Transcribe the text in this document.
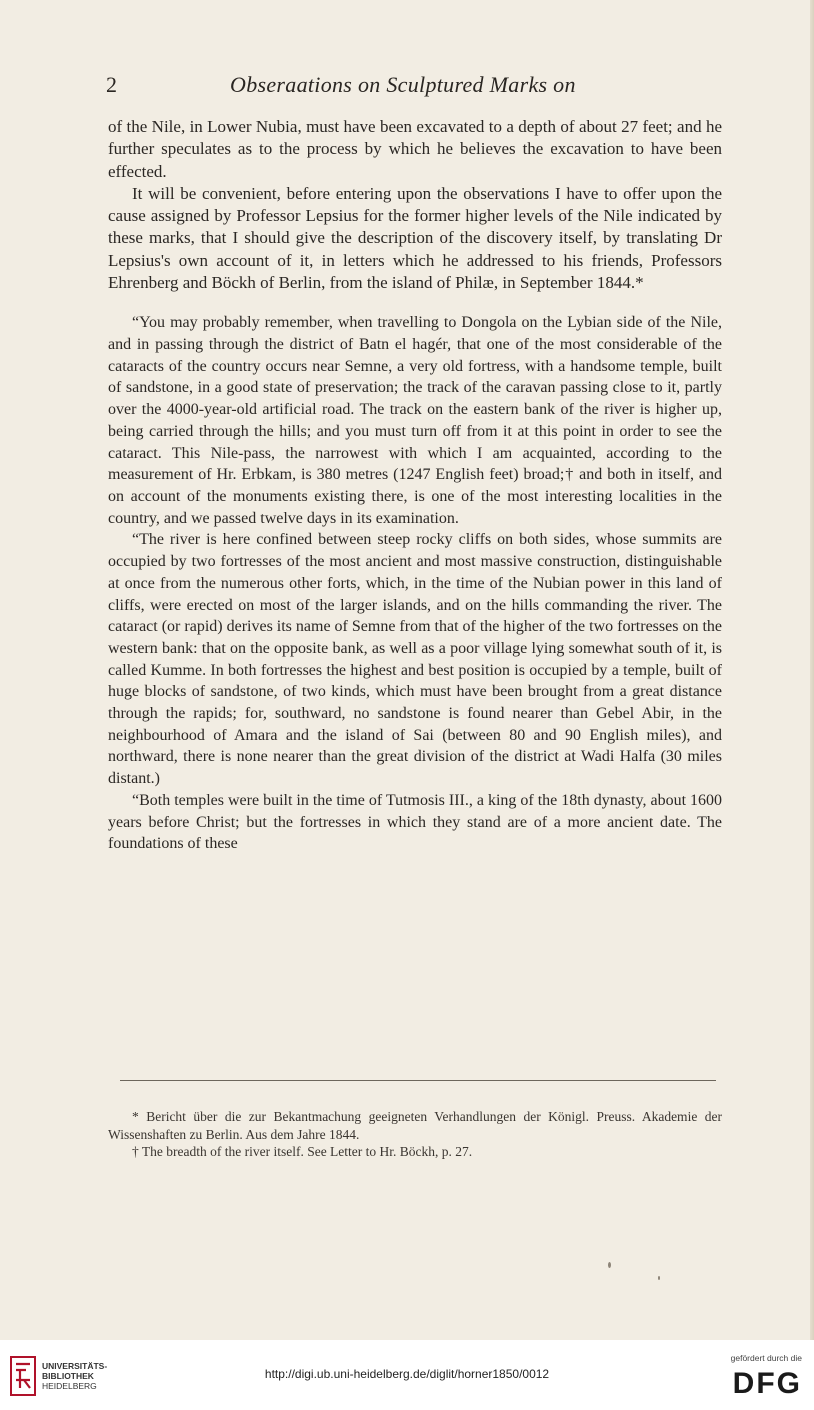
2	Obseraations on Sculptured Marks on

of the Nile, in Lower Nubia, must have been excavated to a depth of about 27 feet; and he further speculates as to the process by which he believes the excavation to have been effected.

It will be convenient, before entering upon the observations I have to offer upon the cause assigned by Professor Lepsius for the former higher levels of the Nile indicated by these marks, that I should give the description of the discovery itself, by translating Dr Lepsius's own account of it, in letters which he addressed to his friends, Professors Ehrenberg and Böckh of Berlin, from the island of Philæ, in September 1844.*

“You may probably remember, when travelling to Dongola on the Lybian side of the Nile, and in passing through the district of Batn el hagér, that one of the most considerable of the cataracts of the country occurs near Semne, a very old fortress, with a handsome temple, built of sandstone, in a good state of preservation; the track of the caravan passing close to it, partly over the 4000-year-old artificial road. The track on the eastern bank of the river is higher up, being carried through the hills; and you must turn off from it at this point in order to see the cataract. This Nile-pass, the narrowest with which I am acquainted, according to the measurement of Hr. Erbkam, is 380 metres (1247 English feet) broad;† and both in itself, and on account of the monuments existing there, is one of the most interesting localities in the country, and we passed twelve days in its examination.

“The river is here confined between steep rocky cliffs on both sides, whose summits are occupied by two fortresses of the most ancient and most massive construction, distinguishable at once from the numerous other forts, which, in the time of the Nubian power in this land of cliffs, were erected on most of the larger islands, and on the hills commanding the river. The cataract (or rapid) derives its name of Semne from that of the higher of the two fortresses on the western bank: that on the opposite bank, as well as a poor village lying somewhat south of it, is called Kumme. In both fortresses the highest and best position is occupied by a temple, built of huge blocks of sandstone, of two kinds, which must have been brought from a great distance through the rapids; for, southward, no sandstone is found nearer than Gebel Abir, in the neighbourhood of Amara and the island of Sai (between 80 and 90 English miles), and northward, there is none nearer than the great division of the district at Wadi Halfa (30 miles distant.)

“Both temples were built in the time of Tutmosis III., a king of the 18th dynasty, about 1600 years before Christ; but the fortresses in which they stand are of a more ancient date. The foundations of these

* Bericht über die zur Bekantmachung geeigneten Verhandlungen der Königl. Preuss. Akademie der Wissenshaften zu Berlin. Aus dem Jahre 1844.

† The breadth of the river itself. See Letter to Hr. Böckh, p. 27.

UNIVERSITÄTS-
BIBLIOTHEK
HEIDELBERG
http://digi.ub.uni-heidelberg.de/diglit/horner1850/0012
gefördert durch die
DFG
